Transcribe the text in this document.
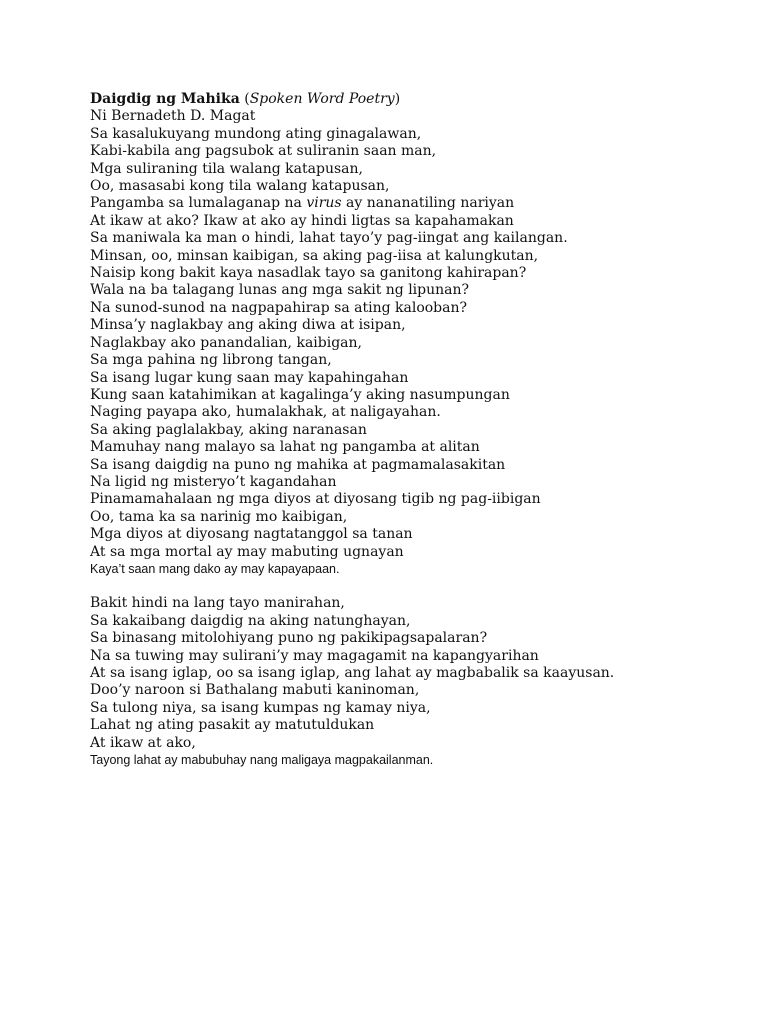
Daigdig ng Mahika (Spoken Word Poetry)
Ni Bernadeth D. Magat
Sa kasalukuyang mundong ating ginagalawan,
Kabi-kabila ang pagsubok at suliranin saan man,
Mga suliraning tila walang katapusan,
Oo, masasabi kong tila walang katapusan,
Pangamba sa lumalaganap na virus ay nananatiling nariyan
At ikaw at ako? Ikaw at ako ay hindi ligtas sa kapahamakan
Sa maniwala ka man o hindi, lahat tayo’y pag-iingat ang kailangan.
Minsan, oo, minsan kaibigan, sa aking pag-iisa at kalungkutan,
Naisip kong bakit kaya nasadlak tayo sa ganitong kahirapan?
Wala na ba talagang lunas ang mga sakit ng lipunan?
Na sunod-sunod na nagpapahirap sa ating kalooban?
Minsa’y naglakbay ang aking diwa at isipan,
Naglakbay ako panandalian, kaibigan,
Sa mga pahina ng librong tangan,
Sa isang lugar kung saan may kapahingahan
Kung saan katahimikan at kagalinga’y aking nasumpungan
Naging payapa ako, humalakhak, at naligayahan.
Sa aking paglalakbay, aking naranasan
Mamuhay nang malayo sa lahat ng pangamba at alitan
Sa isang daigdig na puno ng mahika at pagmamalasakitan
Na ligid ng misteryo’t kagandahan
Pinamamahalaan ng mga diyos at diyosang tigib ng pag-iibigan
Oo, tama ka sa narinig mo kaibigan,
Mga diyos at diyosang nagtatanggol sa tanan
At sa mga mortal ay may mabuting ugnayan
Kaya’t saan mang dako ay may kapayapaan.
Bakit hindi na lang tayo manirahan,
Sa kakaibang daigdig na aking natunghayan,
Sa binasang mitolohiyang puno ng pakikipagsapalaran?
Na sa tuwing may sulirani’y may magagamit na kapangyarihan
At sa isang iglap, oo sa isang iglap, ang lahat ay magbabalik sa kaayusan.
Doo’y naroon si Bathalang mabuti kaninoman,
Sa tulong niya, sa isang kumpas ng kamay niya,
Lahat ng ating pasakit ay matutuldukan
At ikaw at ako,
Tayong lahat ay mabubuhay nang maligaya magpakailanman.
